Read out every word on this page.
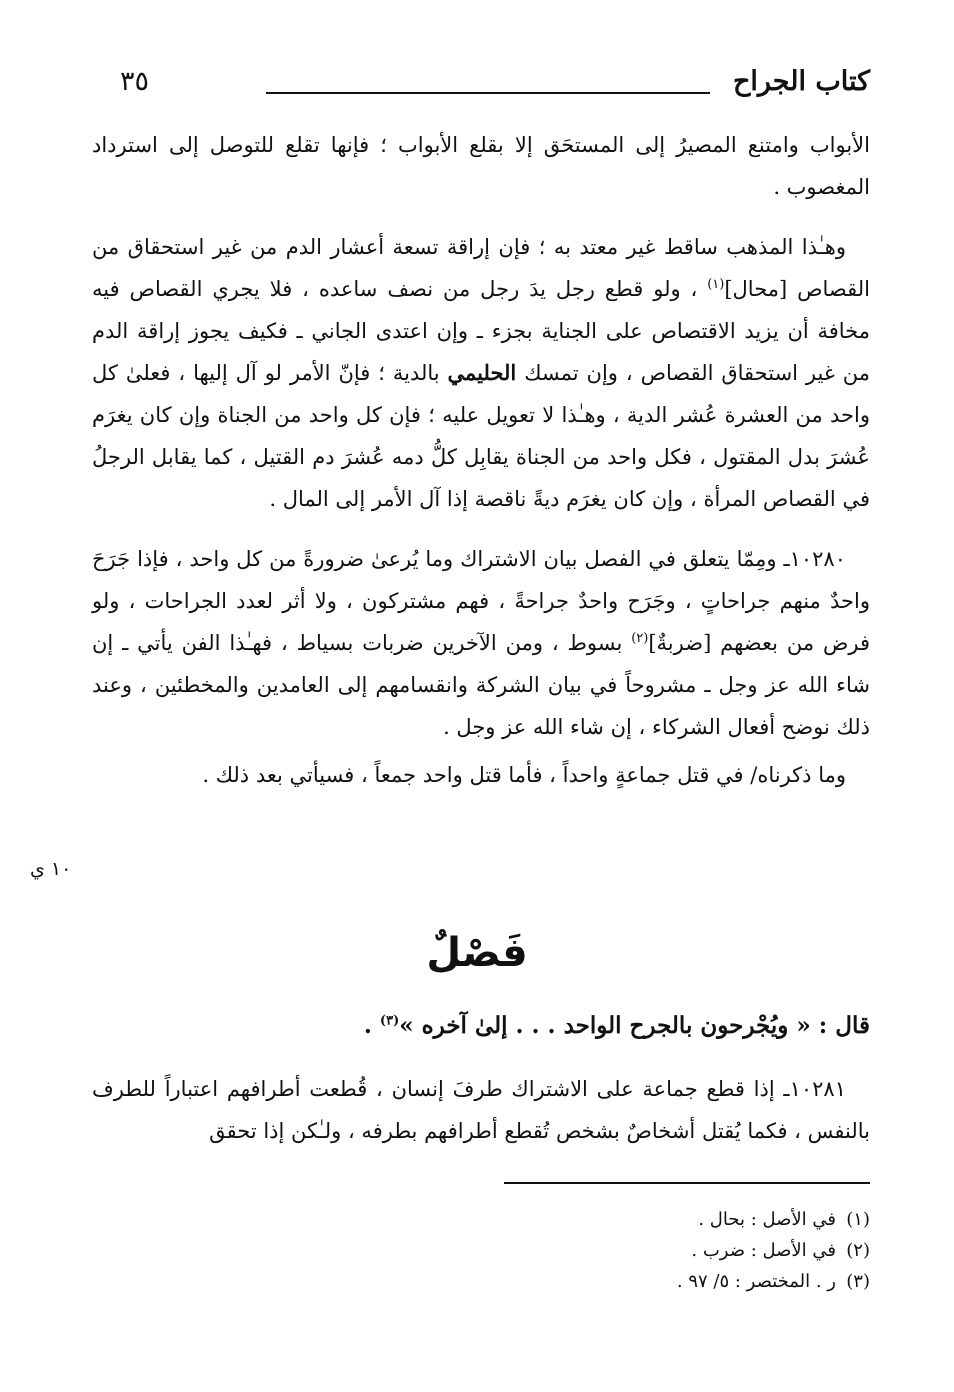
كتاب الجراح
٣٥

الأبواب وامتنع المصيرُ إلى المستحَق إلا بقلع الأبواب ؛ فإنها تقلع للتوصل إلى استرداد المغصوب .

وهـٰذا المذهب ساقط غير معتد به ؛ فإن إراقة تسعة أعشار الدم من غير استحقاق من القصاص [محال]$^{(١)}$ ، ولو قطع رجل يدَ رجل من نصف ساعده ، فلا يجري القصاص فيه مخافة أن يزيد الاقتصاص على الجناية بجزء ـ وإن اعتدى الجاني ـ فكيف يجوز إراقة الدم من غير استحقاق القصاص ، وإن تمسك الحليمي بالدية ؛ فإنّ الأمر لو آل إليها ، فعلىٰ كل واحد من العشرة عُشر الدية ، وهـٰذا لا تعويل عليه ؛ فإن كل واحد من الجناة وإن كان يغرَم عُشرَ بدل المقتول ، فكل واحد من الجناة يقابِل كلُّ دمه عُشرَ دم القتيل ، كما يقابل الرجلُ في القصاص المرأة ، وإن كان يغرَم ديةً ناقصة إذا آل الأمر إلى المال .

١٠٢٨٠ـ ومِمّا يتعلق في الفصل بيان الاشتراك وما يُرعىٰ ضرورةً من كل واحد ، فإذا جَرَحَ واحدٌ منهم جراحاتٍ ، وجَرَح واحدٌ جراحةً ، فهم مشتركون ، ولا أثر لعدد الجراحات ، ولو فرض من بعضهم [ضربةٌ]$^{(٢)}$ بسوط ، ومن الآخرين ضربات بسياط ، فهـٰذا الفن يأتي ـ إن شاء الله عز وجل ـ مشروحاً في بيان الشركة وانقسامهم إلى العامدين والمخطئين ، وعند ذلك نوضح أفعال الشركاء ، إن شاء الله عز وجل .

وما ذكرناه/ في قتل جماعةٍ واحداً ، فأما قتل واحد جمعاً ، فسيأتي بعد ذلك .

١٠ ي
فَصْلٌ
قال : « ويُجْرحون بالجرح الواحد . . . إلىٰ آخره »$^{(٣)}$ .

١٠٢٨١ـ إذا قطع جماعة على الاشتراك طرفَ إنسان ، قُطعت أطرافهم اعتباراً للطرف بالنفس ، فكما يُقتل أشخاصٌ بشخص تُقطع أطرافهم بطرفه ، ولـٰكن إذا تحقق

(١)في الأصل : بحال .

(٢)في الأصل : ضرب .

(٣)ر . المختصر : ٥/ ٩٧ .
